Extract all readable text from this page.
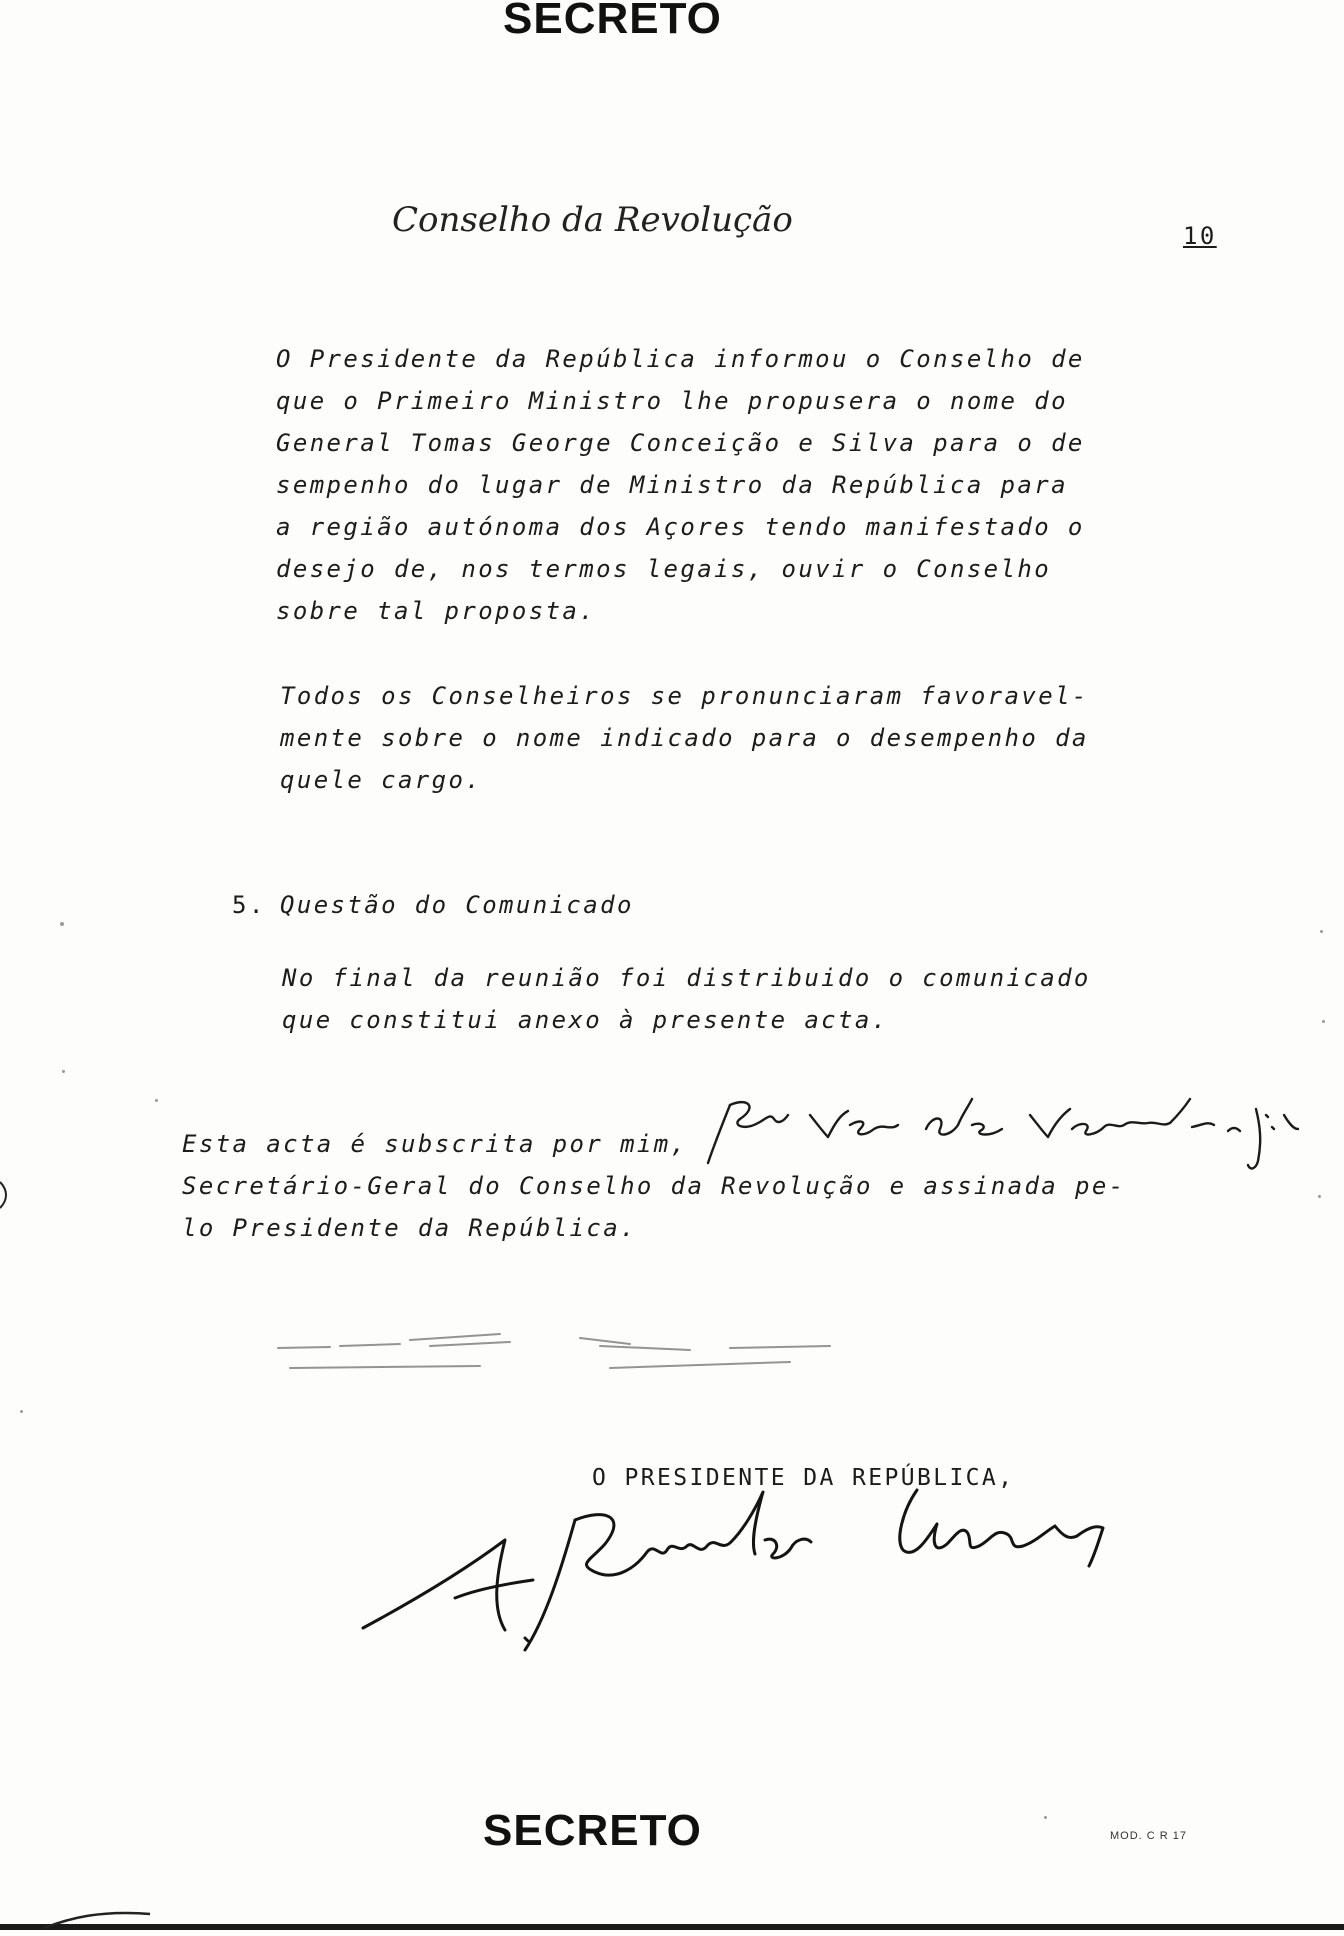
SECRETO
Conselho da Revolução	10
O Presidente da República informou o Conselho de
que o Primeiro Ministro lhe propusera o nome do
General Tomas George Conceição e Silva para o de
sempenho do lugar de Ministro da República para
a região autónoma dos Açores tendo manifestado o
desejo de, nos termos legais, ouvir o Conselho
sobre tal proposta.
Todos os Conselheiros se pronunciaram favoravel-
mente sobre o nome indicado para o desempenho da
quele cargo.
5. Questão do Comunicado
No final da reunião foi distribuido o comunicado
que constitui anexo à presente acta.
Esta acta é subscrita por mim,
Secretário-Geral do Conselho da Revolução e assinada pe-
lo Presidente da República.
O PRESIDENTE DA REPÚBLICA,
SECRETO	MOD. C R 17
